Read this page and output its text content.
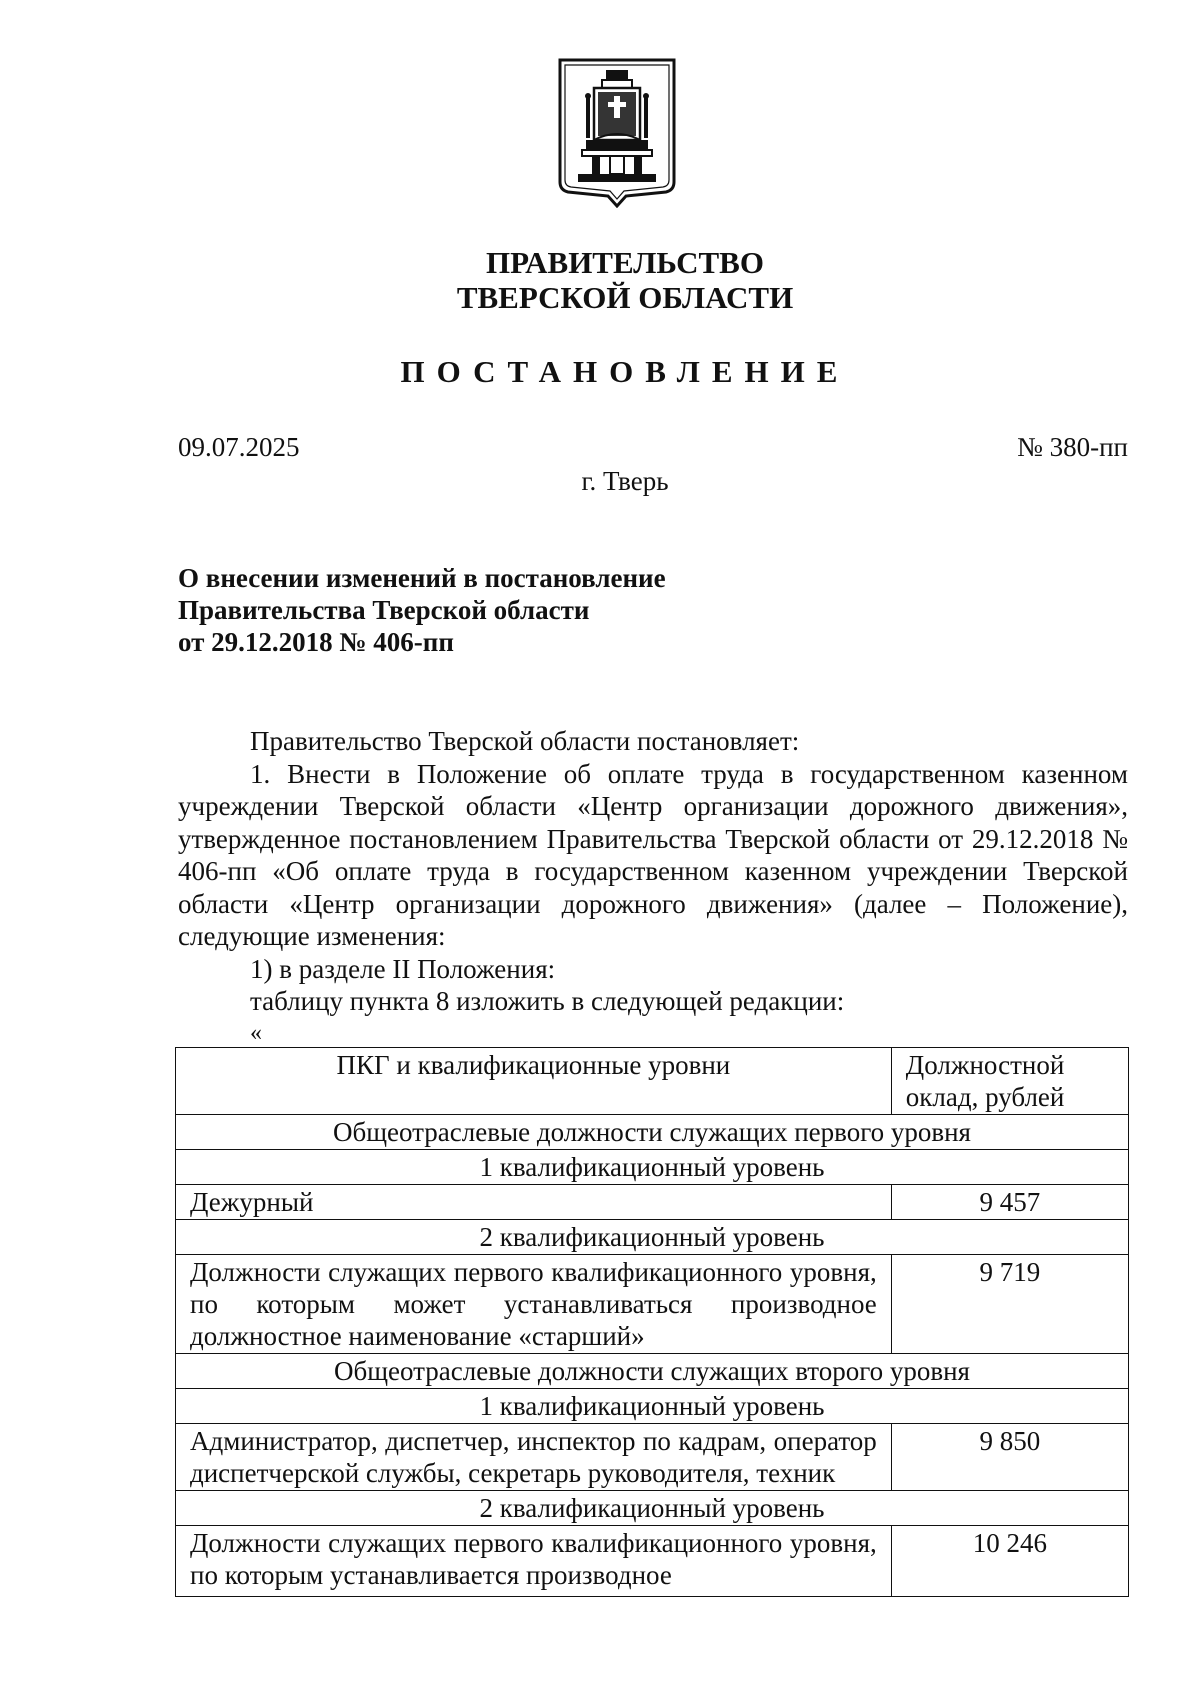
ПРАВИТЕЛЬСТВО
ТВЕРСКОЙ ОБЛАСТИ
ПОСТАНОВЛЕНИЕ
09.07.2025	№ 380-пп
г. Тверь
О внесении изменений в постановление
Правительства Тверской области
от 29.12.2018 № 406-пп

Правительство Тверской области постановляет:

1. Внести в Положение об оплате труда в государственном казенном учреждении Тверской области «Центр организации дорожного движения», утвержденное постановлением Правительства Тверской области от 29.12.2018 № 406-пп «Об оплате труда в государственном казенном учреждении Тверской области «Центр организации дорожного движения» (далее – Положение), следующие изменения:

1) в разделе II Положения:

таблицу пункта 8 изложить в следующей редакции:

«
ПКГ и квалификационные уровни	Должностной оклад, рублей
Общеотраслевые должности служащих первого уровня	
1 квалификационный уровень	
Дежурный	9 457
2 квалификационный уровень	
Должности служащих первого квалификационного уровня, по которым может устанавливаться производное должностное наименование «старший»	9 719
Общеотраслевые должности служащих второго уровня	
1 квалификационный уровень	
Администратор, диспетчер, инспектор по кадрам, оператор диспетчерской службы, секретарь руководителя, техник	9 850
2 квалификационный уровень	

Должности служащих первого квалификационного уровня, по которым устанавливается производное	10 246
